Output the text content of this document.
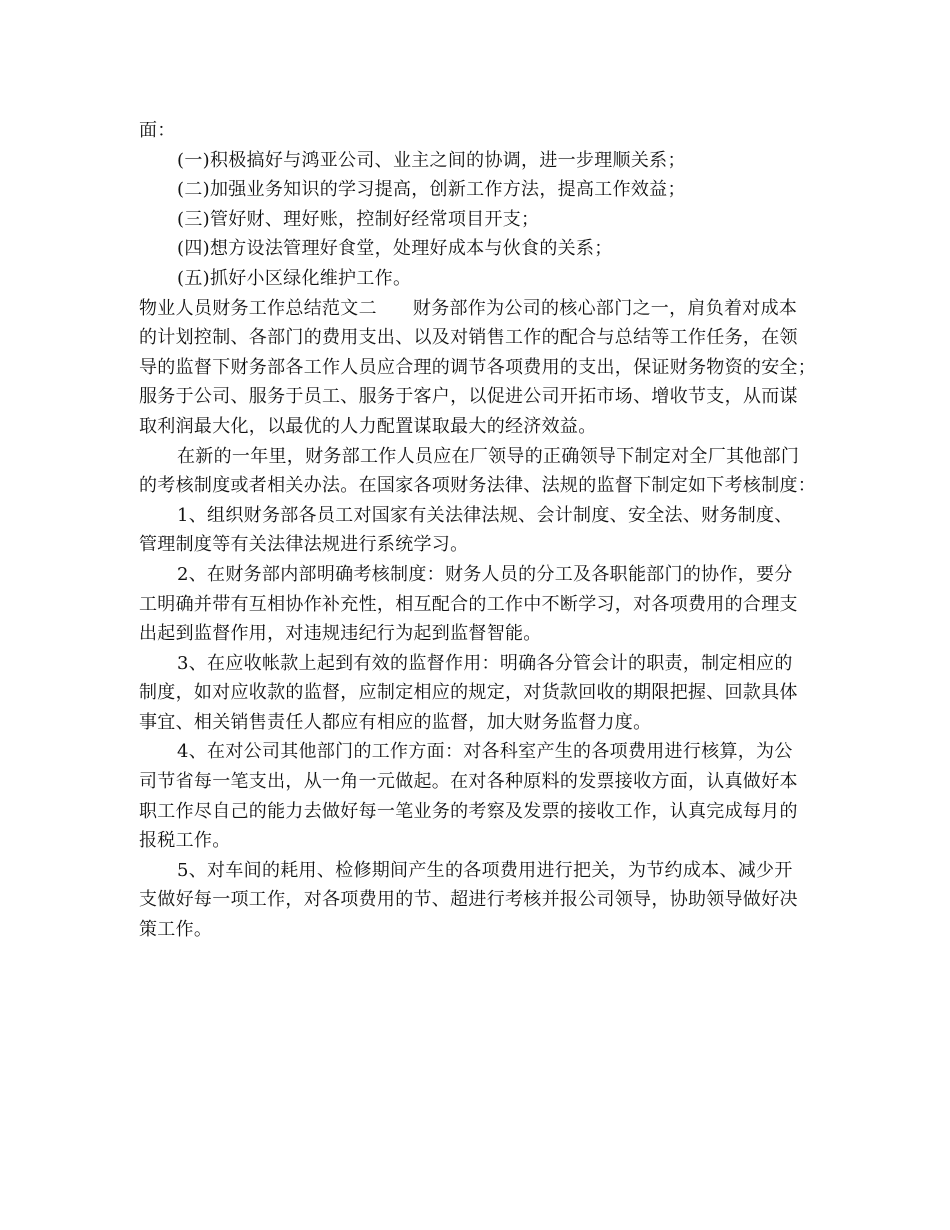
面：

(一)积极搞好与鸿亚公司、业主之间的协调，进一步理顺关系；

(二)加强业务知识的学习提高，创新工作方法，提高工作效益；

(三)管好财、理好账，控制好经常项目开支；

(四)想方设法管理好食堂，处理好成本与伙食的关系；

(五)抓好小区绿化维护工作。

物业人员财务工作总结范文二 财务部作为公司的核心部门之一，肩负着对成本
的计划控制、各部门的费用支出、以及对销售工作的配合与总结等工作任务，在领
导的监督下财务部各工作人员应合理的调节各项费用的支出，保证财务物资的安全；
服务于公司、服务于员工、服务于客户，以促进公司开拓市场、增收节支，从而谋
取利润最大化，以最优的人力配置谋取最大的经济效益。

在新的一年里，财务部工作人员应在厂领导的正确领导下制定对全厂其他部门
的考核制度或者相关办法。在国家各项财务法律、法规的监督下制定如下考核制度：

1、组织财务部各员工对国家有关法律法规、会计制度、安全法、财务制度、
管理制度等有关法律法规进行系统学习。

2、在财务部内部明确考核制度：财务人员的分工及各职能部门的协作，要分
工明确并带有互相协作补充性，相互配合的工作中不断学习，对各项费用的合理支
出起到监督作用，对违规违纪行为起到监督智能。

3、在应收帐款上起到有效的监督作用：明确各分管会计的职责，制定相应的
制度，如对应收款的监督，应制定相应的规定，对货款回收的期限把握、回款具体
事宜、相关销售责任人都应有相应的监督，加大财务监督力度。

4、在对公司其他部门的工作方面：对各科室产生的各项费用进行核算，为公
司节省每一笔支出，从一角一元做起。在对各种原料的发票接收方面，认真做好本
职工作尽自己的能力去做好每一笔业务的考察及发票的接收工作，认真完成每月的
报税工作。

5、对车间的耗用、检修期间产生的各项费用进行把关，为节约成本、减少开
支做好每一项工作，对各项费用的节、超进行考核并报公司领导，协助领导做好决
策工作。
